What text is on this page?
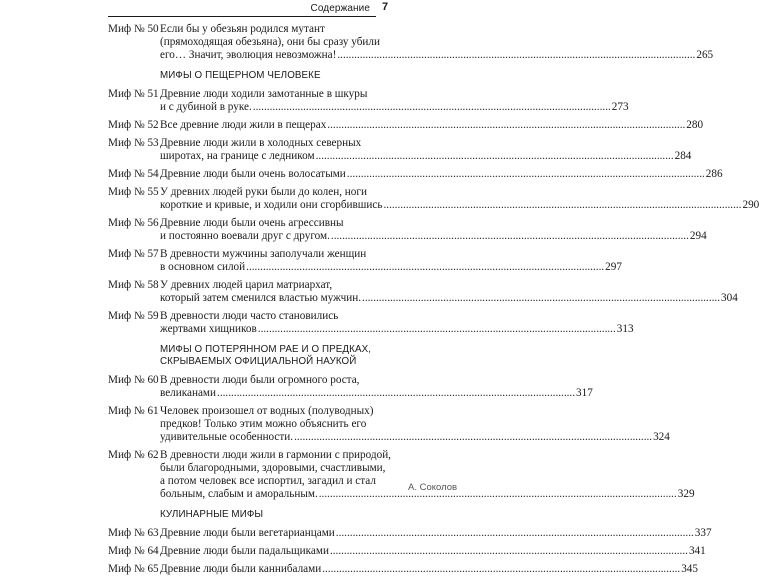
Содержание 7
Миф № 50 Если бы у обезьян родился мутант
(прямоходящая обезьяна), они бы сразу убили
его… Значит, эволюция невозможна! .....	265
МИФЫ О ПЕЩЕРНОМ ЧЕЛОВЕКЕ
Миф № 51 Древние люди ходили замотанные в шкуры
и с дубиной в руке. .....	273
Миф № 52 Все древние люди жили в пещерах .....	280
Миф № 53 Древние люди жили в холодных северных
широтах, на границе с ледником .....	284
Миф № 54 Древние люди были очень волосатыми .....	286
Миф № 55 У древних людей руки были до колен, ноги
короткие и кривые, и ходили они сгорбившись .....	290
Миф № 56 Древние люди были очень агрессивны
и постоянно воевали друг с другом. .....	294
Миф № 57 В древности мужчины заполучали женщин
в основном силой .....	297
Миф № 58 У древних людей царил матриархат,
который затем сменился властью мужчин. .....	304
Миф № 59 В древности люди часто становились
жертвами хищников .....	313
МИФЫ О ПОТЕРЯННОМ РАЕ И О ПРЕДКАХ,
СКРЫВАЕМЫХ ОФИЦИАЛЬНОЙ НАУКОЙ
Миф № 60 В древности люди были огромного роста,
великанами .....	317
Миф № 61 Человек произошел от водных (полуводных)
предков! Только этим можно объяснить его
удивительные особенности. .....	324
Миф № 62 В древности люди жили в гармонии с природой,
были благородными, здоровыми, счастливыми,
а потом человек все испортил, загадил и стал
больным, слабым и аморальным. .....	329
КУЛИНАРНЫЕ МИФЫ
Миф № 63 Древние люди были вегетарианцами .....	337
Миф № 64 Древние люди были падальщиками .....	341
Миф № 65 Древние люди были каннибалами .....	345
А. Соколов
